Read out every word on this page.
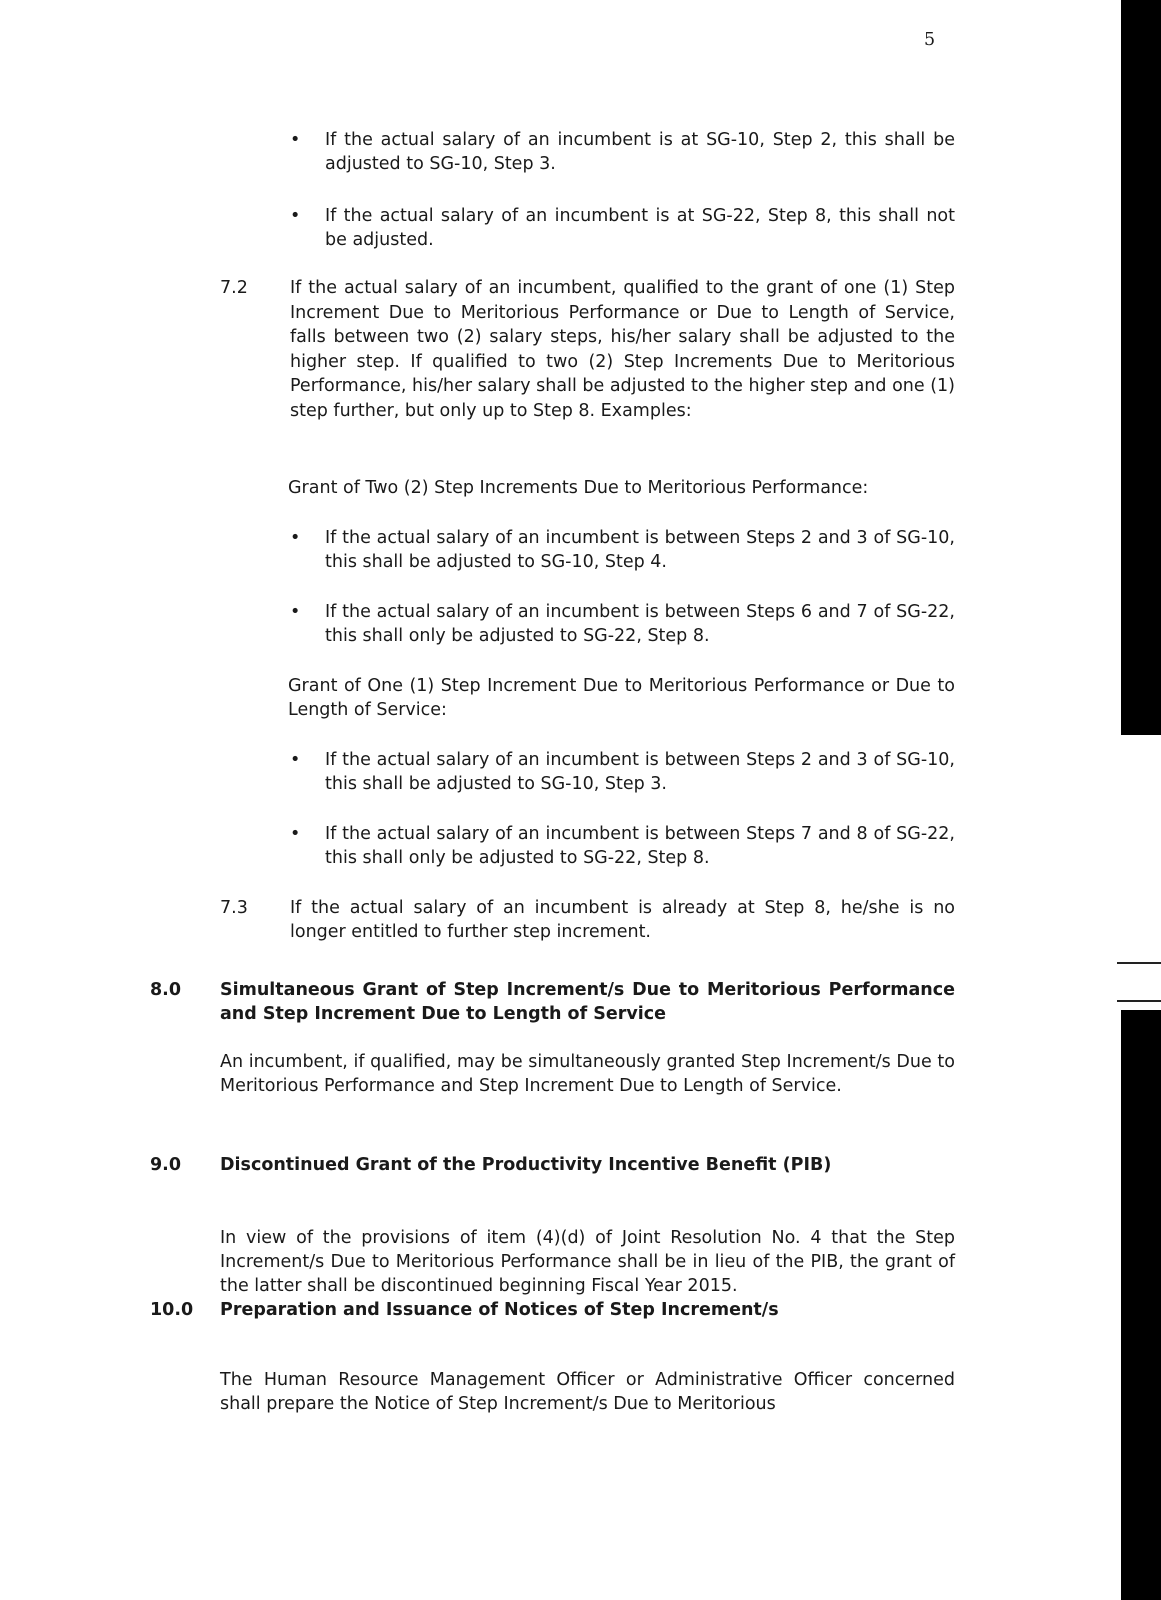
5
• If the actual salary of an incumbent is at SG-10, Step 2, this shall be adjusted to SG-10, Step 3.
• If the actual salary of an incumbent is at SG-22, Step 8, this shall not be adjusted.
7.2 If the actual salary of an incumbent, qualified to the grant of one (1) Step Increment Due to Meritorious Performance or Due to Length of Service, falls between two (2) salary steps, his/her salary shall be adjusted to the higher step. If qualified to two (2) Step Increments Due to Meritorious Performance, his/her salary shall be adjusted to the higher step and one (1) step further, but only up to Step 8. Examples:
Grant of Two (2) Step Increments Due to Meritorious Performance:
• If the actual salary of an incumbent is between Steps 2 and 3 of SG-10, this shall be adjusted to SG-10, Step 4.
• If the actual salary of an incumbent is between Steps 6 and 7 of SG-22, this shall only be adjusted to SG-22, Step 8.
Grant of One (1) Step Increment Due to Meritorious Performance or Due to Length of Service:
• If the actual salary of an incumbent is between Steps 2 and 3 of SG-10, this shall be adjusted to SG-10, Step 3.
• If the actual salary of an incumbent is between Steps 7 and 8 of SG-22, this shall only be adjusted to SG-22, Step 8.
7.3 If the actual salary of an incumbent is already at Step 8, he/she is no longer entitled to further step increment.
8.0 Simultaneous Grant of Step Increment/s Due to Meritorious Performance and Step Increment Due to Length of Service
An incumbent, if qualified, may be simultaneously granted Step Increment/s Due to Meritorious Performance and Step Increment Due to Length of Service.
9.0 Discontinued Grant of the Productivity Incentive Benefit (PIB)
In view of the provisions of item (4)(d) of Joint Resolution No. 4 that the Step Increment/s Due to Meritorious Performance shall be in lieu of the PIB, the grant of the latter shall be discontinued beginning Fiscal Year 2015.
10.0 Preparation and Issuance of Notices of Step Increment/s
The Human Resource Management Officer or Administrative Officer concerned shall prepare the Notice of Step Increment/s Due to Meritorious
